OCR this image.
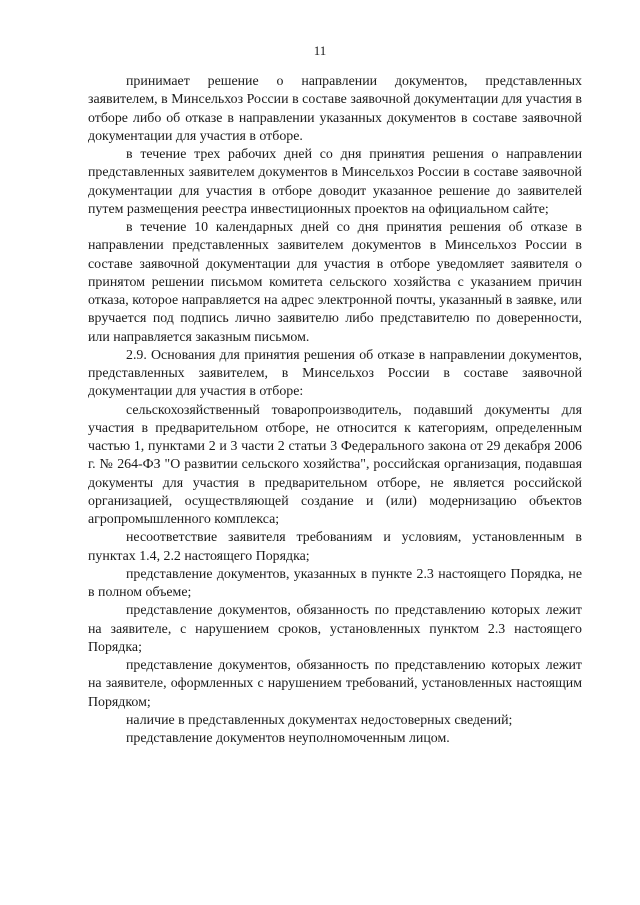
11

принимает решение о направлении документов, представленных заявителем, в Минсельхоз России в составе заявочной документации для участия в отборе либо об отказе в направлении указанных документов в составе заявочной документации для участия в отборе.

в течение трех рабочих дней со дня принятия решения о направлении представленных заявителем документов в Минсельхоз России в составе заявочной документации для участия в отборе доводит указанное решение до заявителей путем размещения реестра инвестиционных проектов на официальном сайте;

в течение 10 календарных дней со дня принятия решения об отказе в направлении представленных заявителем документов в Минсельхоз России в составе заявочной документации для участия в отборе уведомляет заявителя о принятом решении письмом комитета сельского хозяйства с указанием причин отказа, которое направляется на адрес электронной почты, указанный в заявке, или вручается под подпись лично заявителю либо представителю по доверенности, или направляется заказным письмом.

2.9. Основания для принятия решения об отказе в направлении документов, представленных заявителем, в Минсельхоз России в составе заявочной документации для участия в отборе:

сельскохозяйственный товаропроизводитель, подавший документы для участия в предварительном отборе, не относится к категориям, определенным частью 1, пунктами 2 и 3 части 2 статьи 3 Федерального закона от 29 декабря 2006 г. № 264-ФЗ "О развитии сельского хозяйства", российская организация, подавшая документы для участия в предварительном отборе, не является российской организацией, осуществляющей создание и (или) модернизацию объектов агропромышленного комплекса;

несоответствие заявителя требованиям и условиям, установленным в пунктах 1.4, 2.2 настоящего Порядка;

представление документов, указанных в пункте 2.3 настоящего Порядка, не в полном объеме;

представление документов, обязанность по представлению которых лежит на заявителе, с нарушением сроков, установленных пунктом 2.3 настоящего Порядка;

представление документов, обязанность по представлению которых лежит на заявителе, оформленных с нарушением требований, установленных настоящим Порядком;

наличие в представленных документах недостоверных сведений;

представление документов неуполномоченным лицом.
